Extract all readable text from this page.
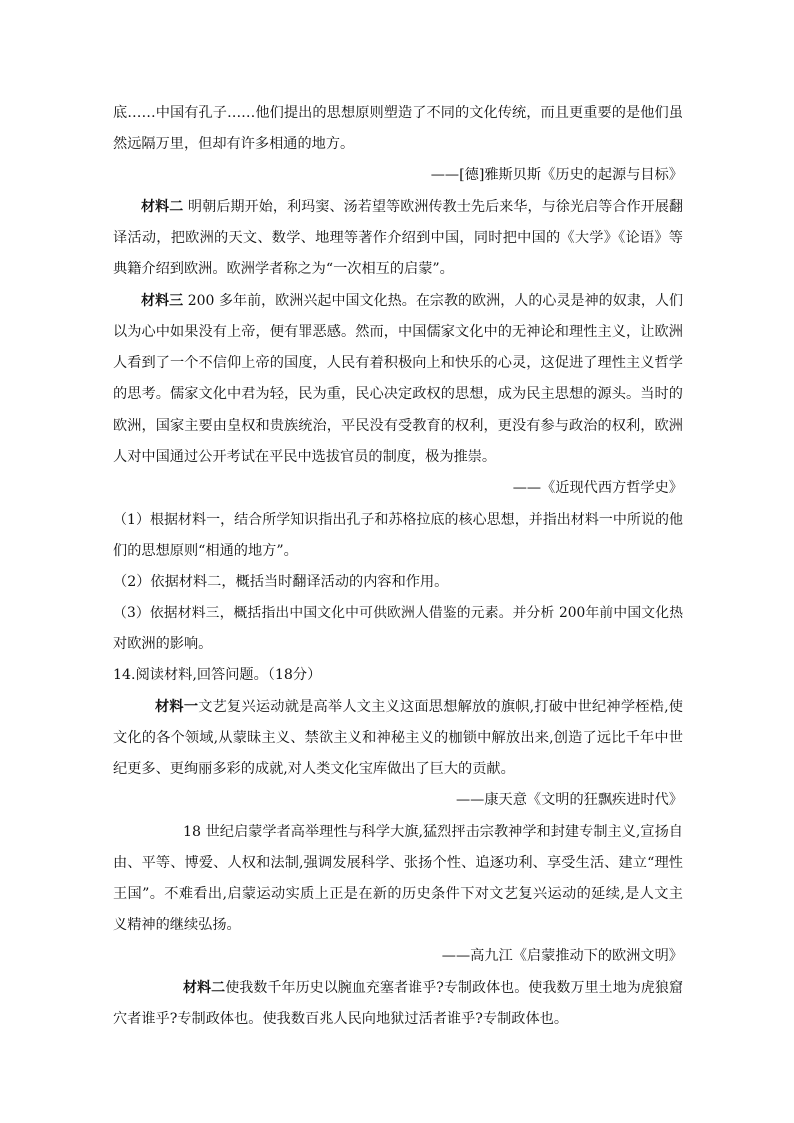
底……中国有孔子……他们提出的思想原则塑造了不同的文化传统，而且更重要的是他们虽
然远隔万里，但却有许多相通的地方。
——[德]雅斯贝斯《历史的起源与目标》
材料二 明朝后期开始，利玛窦、汤若望等欧洲传教士先后来华，与徐光启等合作开展翻
译活动，把欧洲的天文、数学、地理等著作介绍到中国，同时把中国的《大学》《论语》等
典籍介绍到欧洲。欧洲学者称之为“一次相互的启蒙”。
材料三 200 多年前，欧洲兴起中国文化热。在宗教的欧洲，人的心灵是神的奴隶，人们
以为心中如果没有上帝，便有罪恶感。然而，中国儒家文化中的无神论和理性主义，让欧洲
人看到了一个不信仰上帝的国度，人民有着积极向上和快乐的心灵，这促进了理性主义哲学
的思考。儒家文化中君为轻，民为重，民心决定政权的思想，成为民主思想的源头。当时的
欧洲，国家主要由皇权和贵族统治，平民没有受教育的权利，更没有参与政治的权利，欧洲
人对中国通过公开考试在平民中选拔官员的制度，极为推崇。
——《近现代西方哲学史》
（1）根据材料一，结合所学知识指出孔子和苏格拉底的核心思想，并指出材料一中所说的他
们的思想原则“相通的地方”。
（2）依据材料二，概括当时翻译活动的内容和作用。
（3）依据材料三，概括指出中国文化中可供欧洲人借鉴的元素。并分析 200年前中国文化热
对欧洲的影响。
14.阅读材料,回答问题。（18分）
材料一文艺复兴运动就是高举人文主义这面思想解放的旗帜,打破中世纪神学桎梏,使
文化的各个领域,从蒙昧主义、禁欲主义和神秘主义的枷锁中解放出来,创造了远比千年中世
纪更多、更绚丽多彩的成就,对人类文化宝库做出了巨大的贡献。
——康天意《文明的狂飘疾进时代》
18 世纪启蒙学者高举理性与科学大旗,猛烈抨击宗教神学和封建专制主义,宣扬自
由、平等、博爱、人权和法制,强调发展科学、张扬个性、追逐功利、享受生活、建立“理性
王国”。不难看出,启蒙运动实质上正是在新的历史条件下对文艺复兴运动的延续,是人文主
义精神的继续弘扬。
——高九江《启蒙推动下的欧洲文明》
材料二使我数千年历史以腕血充塞者谁乎?专制政体也。使我数万里土地为虎狼窟
穴者谁乎?专制政体也。使我数百兆人民向地狱过活者谁乎?专制政体也。
